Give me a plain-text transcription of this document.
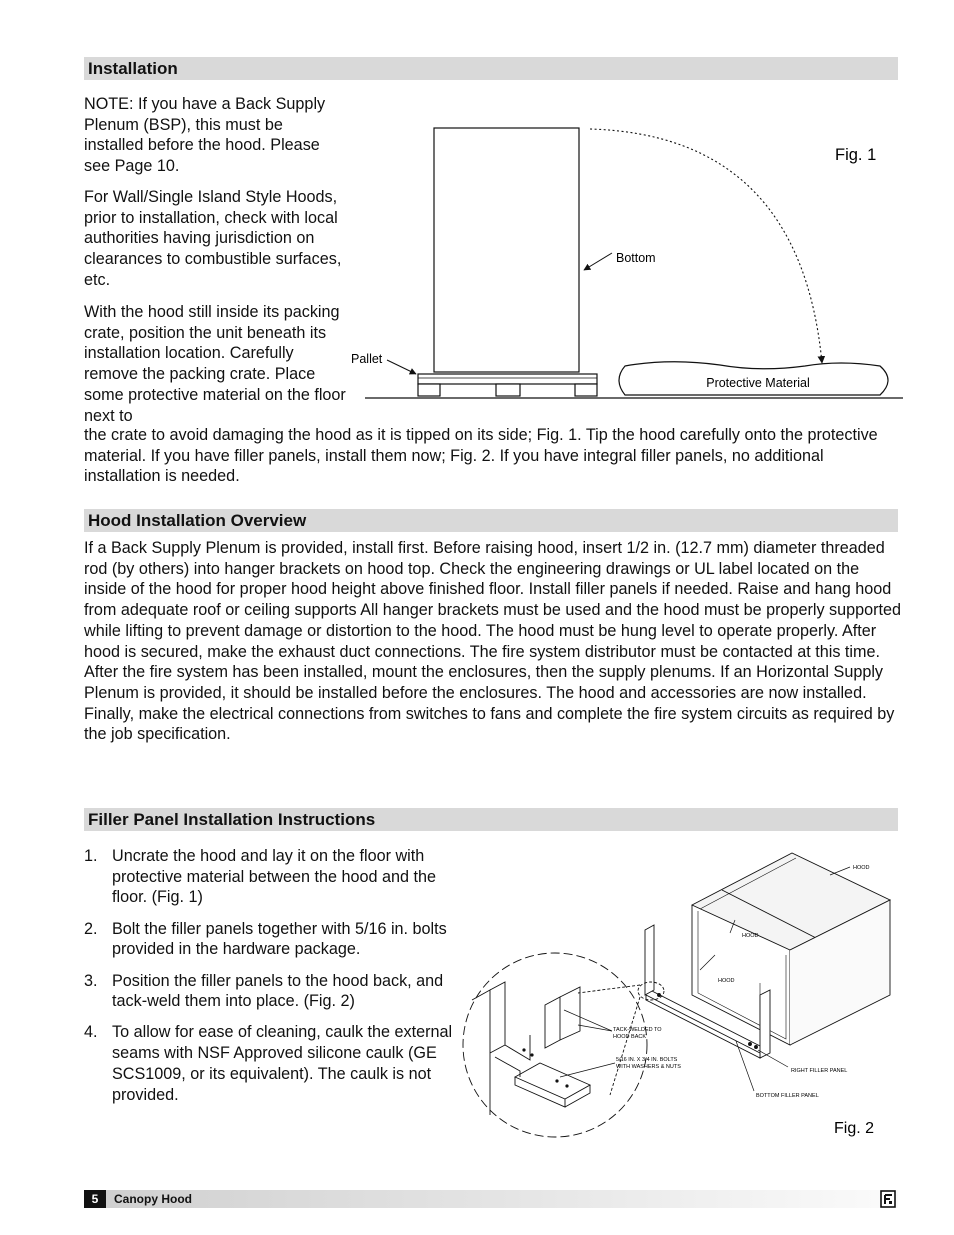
Installation

NOTE: If you have a Back Supply Plenum (BSP), this must be installed before the hood. Please see Page 10.

For Wall/Single Island Style Hoods, prior to installation, check with local authorities having jurisdiction on clearances to combustible surfaces, etc.

With the hood still inside its packing crate, position the unit beneath its installation location. Carefully remove the packing crate. Place some protective material on the floor next to

the crate to avoid damaging the hood as it is tipped on its side; Fig. 1. Tip the hood carefully onto the protective material. If you have filler panels, install them now; Fig. 2. If you have integral filler panels, no additional installation is needed.

Bottom
Pallet
Protective Material
Fig. 1
Hood Installation Overview

If a Back Supply Plenum is provided, install first. Before raising hood, insert 1/2 in. (12.7 mm) diameter threaded rod (by others) into hanger brackets on hood top. Check the engineering drawings or UL label located on the inside of the hood for proper hood height above finished floor. Install filler panels if needed. Raise and hang hood from adequate roof or ceiling supports All hanger brackets must be used and the hood must be properly supported while lifting to prevent damage or distortion to the hood. The hood must be hung level to operate properly. After hood is secured, make the exhaust duct connections. The fire system distributor must be contacted at this time. After the fire system has been installed, mount the enclosures, then the supply plenums. If an Horizontal Supply Plenum is provided, it should be installed before the enclosures. The hood and accessories are now installed. Finally, make the electrical connections from switches to fans and complete the fire system circuits as required by the job specification.

Filler Panel Installation Instructions
1. Uncrate the hood and lay it on the floor with protective material between the hood and the floor. (Fig. 1)
2. Bolt the filler panels together with 5/16 in. bolts provided in the hardware package.
3. Position the filler panels to the hood back, and tack-weld them into place. (Fig. 2)
4. To allow for ease of cleaning, caulk the external seams with NSF Approved silicone caulk (GE SCS1009, or its equivalent). The caulk is not provided.
HOOD
HOOD
HOOD
TACK-WELDED TO
HOOD BACK
5/16 IN. X 3/4 IN. BOLTS
WITH WASHERS & NUTS
RIGHT FILLER PANEL
BOTTOM FILLER PANEL
Fig. 2
5	Canopy Hood
